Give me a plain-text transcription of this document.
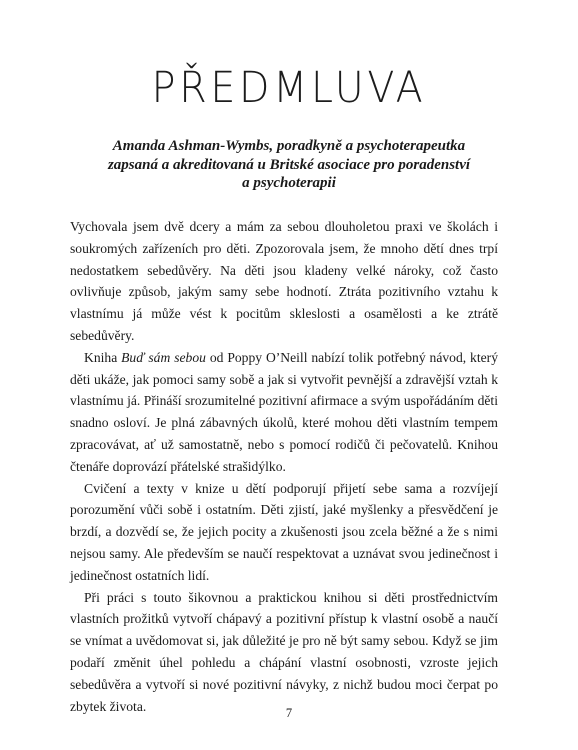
PŘEDMLUVA
Amanda Ashman-Wymbs, poradkyně a psychoterapeutka
zapsaná a akreditovaná u Britské asociace pro poradenství
a psychoterapii

Vychovala jsem dvě dcery a mám za sebou dlouholetou praxi ve školách i soukromých zařízeních pro děti. Zpozorovala jsem, že mnoho dětí dnes trpí nedostatkem sebedůvěry. Na děti jsou kladeny velké nároky, což často ovlivňuje způsob, jakým samy sebe hodnotí. Ztráta pozitivního vztahu k vlastnímu já může vést k pocitům skleslosti a osamělosti a ke ztrátě sebedůvěry.

Kniha Buď sám sebou od Poppy O’Neill nabízí tolik potřebný návod, který děti ukáže, jak pomoci samy sobě a jak si vytvořit pevnější a zdravější vztah k vlastnímu já. Přináší srozumitelné pozitivní afirmace a svým uspořádáním děti snadno osloví. Je plná zábavných úkolů, které mohou děti vlastním tempem zpracovávat, ať už samostatně, nebo s pomocí rodičů či pečovatelů. Knihou čtenáře doprovází přátelské strašidýlko.

Cvičení a texty v knize u dětí podporují přijetí sebe sama a rozvíjejí porozumění vůči sobě i ostatním. Děti zjistí, jaké myšlenky a přesvědčení je brzdí, a dozvědí se, že jejich pocity a zkušenosti jsou zcela běžné a že s nimi nejsou samy. Ale především se naučí respektovat a uznávat svou jedinečnost i jedinečnost ostatních lidí.

Při práci s touto šikovnou a praktickou knihou si děti prostřednictvím vlastních prožitků vytvoří chápavý a pozitivní přístup k vlastní osobě a naučí se vnímat a uvědomovat si, jak důležité je pro ně být samy sebou. Když se jim podaří změnit úhel pohledu a chápání vlastní osobnosti, vzroste jejich sebedůvěra a vytvoří si nové pozitivní návyky, z nichž budou moci čerpat po zbytek života.	7
